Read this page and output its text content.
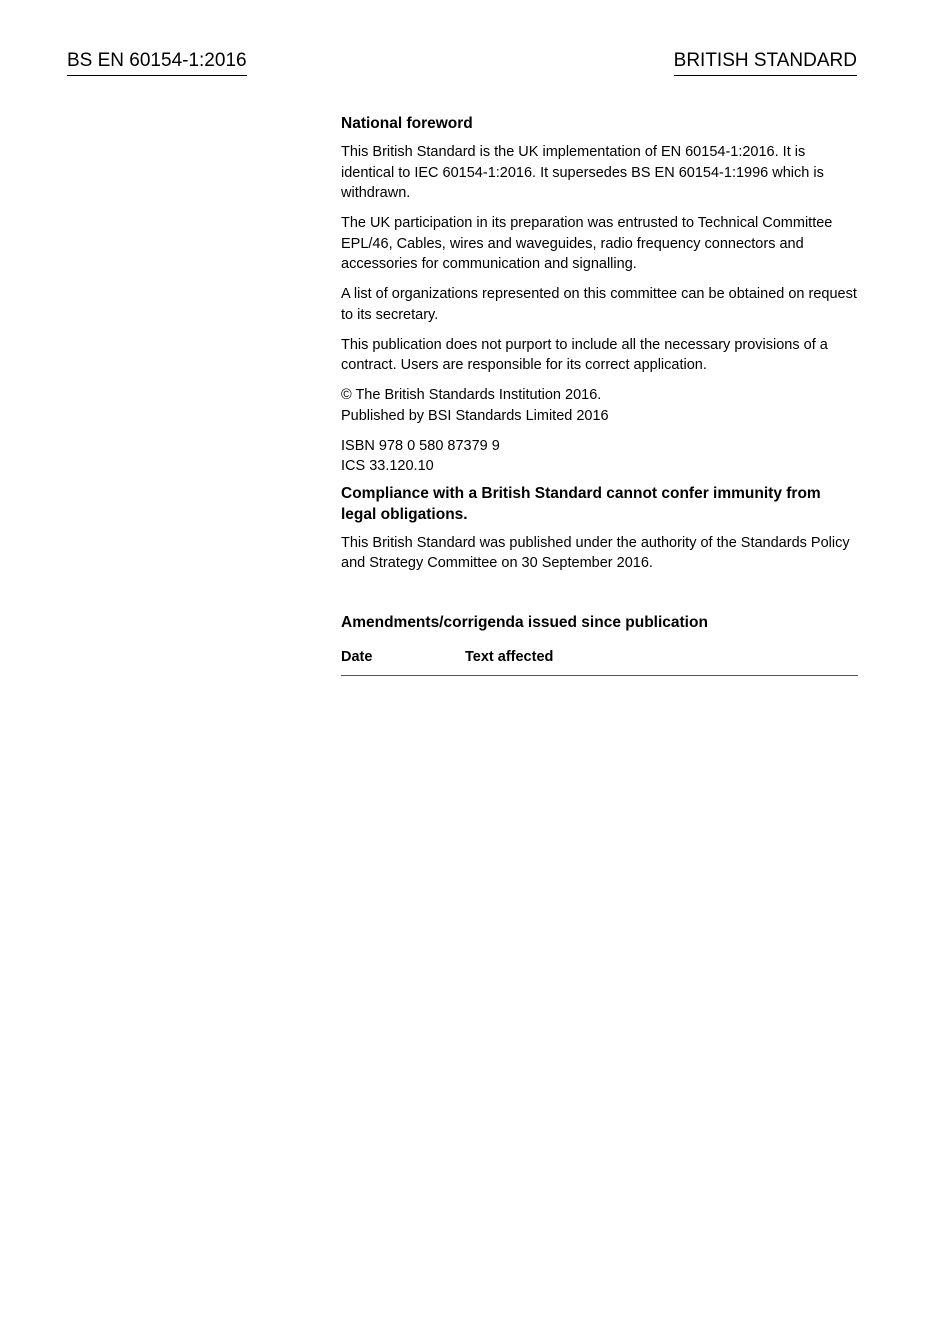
BS EN 60154-1:2016	BRITISH STANDARD
National foreword

This British Standard is the UK implementation of EN 60154-1:2016. It is identical to IEC 60154-1:2016. It supersedes BS EN 60154-1:1996 which is withdrawn.

The UK participation in its preparation was entrusted to Technical Committee EPL/46, Cables, wires and waveguides, radio frequency connectors and accessories for communication and signalling.

A list of organizations represented on this committee can be obtained on request to its secretary.

This publication does not purport to include all the necessary provisions of a contract. Users are responsible for its correct application.

© The British Standards Institution 2016.
Published by BSI Standards Limited 2016

ISBN 978 0 580 87379 9
ICS 33.120.10

Compliance with a British Standard cannot confer immunity from legal obligations.

This British Standard was published under the authority of the Standards Policy and Strategy Committee on 30 September 2016.

Amendments/corrigenda issued since publication
Date	Text affected
